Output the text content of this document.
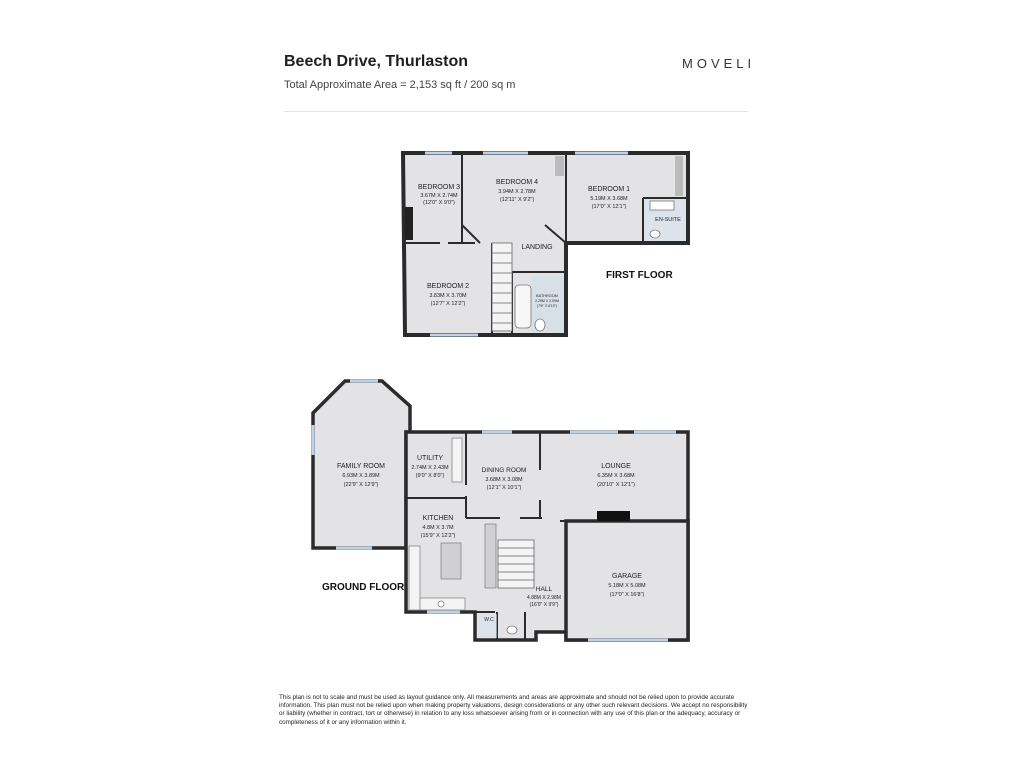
Beech Drive, Thurlaston
Total Approximate Area = 2,153 sq ft / 200 sq m
MOVELI
BEDROOM 3
3.67M X 2.74M
(12'0" X 9'0")
BEDROOM 4
3.94M X 2.78M
(12'11" X 9'2")
BEDROOM 1
5.19M X 3.68M
(17'0" X 12'1")
EN-SUITE
LANDING
BEDROOM 2
3.83M X 3.70M
(12'7" X 12'2")
BATHROOM
2.29M X 2.09M
(7'6" X 6'10")
FIRST FLOOR
FAMILY ROOM
6.93M X 3.89M
(22'9" X 12'9")
UTILITY
2.74M X 2.43M
(9'0" X 8'0")
DINING ROOM
3.68M X 3.08M
(12'1" X 10'1")
LOUNGE
6.35M X 3.68M
(20'10" X 12'1")
KITCHEN
4.8M X 3.7M
(15'9" X 12'2")
GARAGE
5.18M X 5.08M
(17'0" X 16'8")
HALL
4.88M X 2.98M
(16'0" X 9'9")
W.C
GROUND FLOOR
This plan is not to scale and must be used as layout guidance only. All measurements and areas are approximate and should not be relied upon to provide accurate information. This plan must not be relied upon when making property valuations, design considerations or any other such relevant decisions. We accept no responsibility or liability (whether in contract, tort or otherwise) in relation to any loss whatsoever arising from or in connection with any use of this plan or the adequacy, accuracy or completeness of it or any information within it.
